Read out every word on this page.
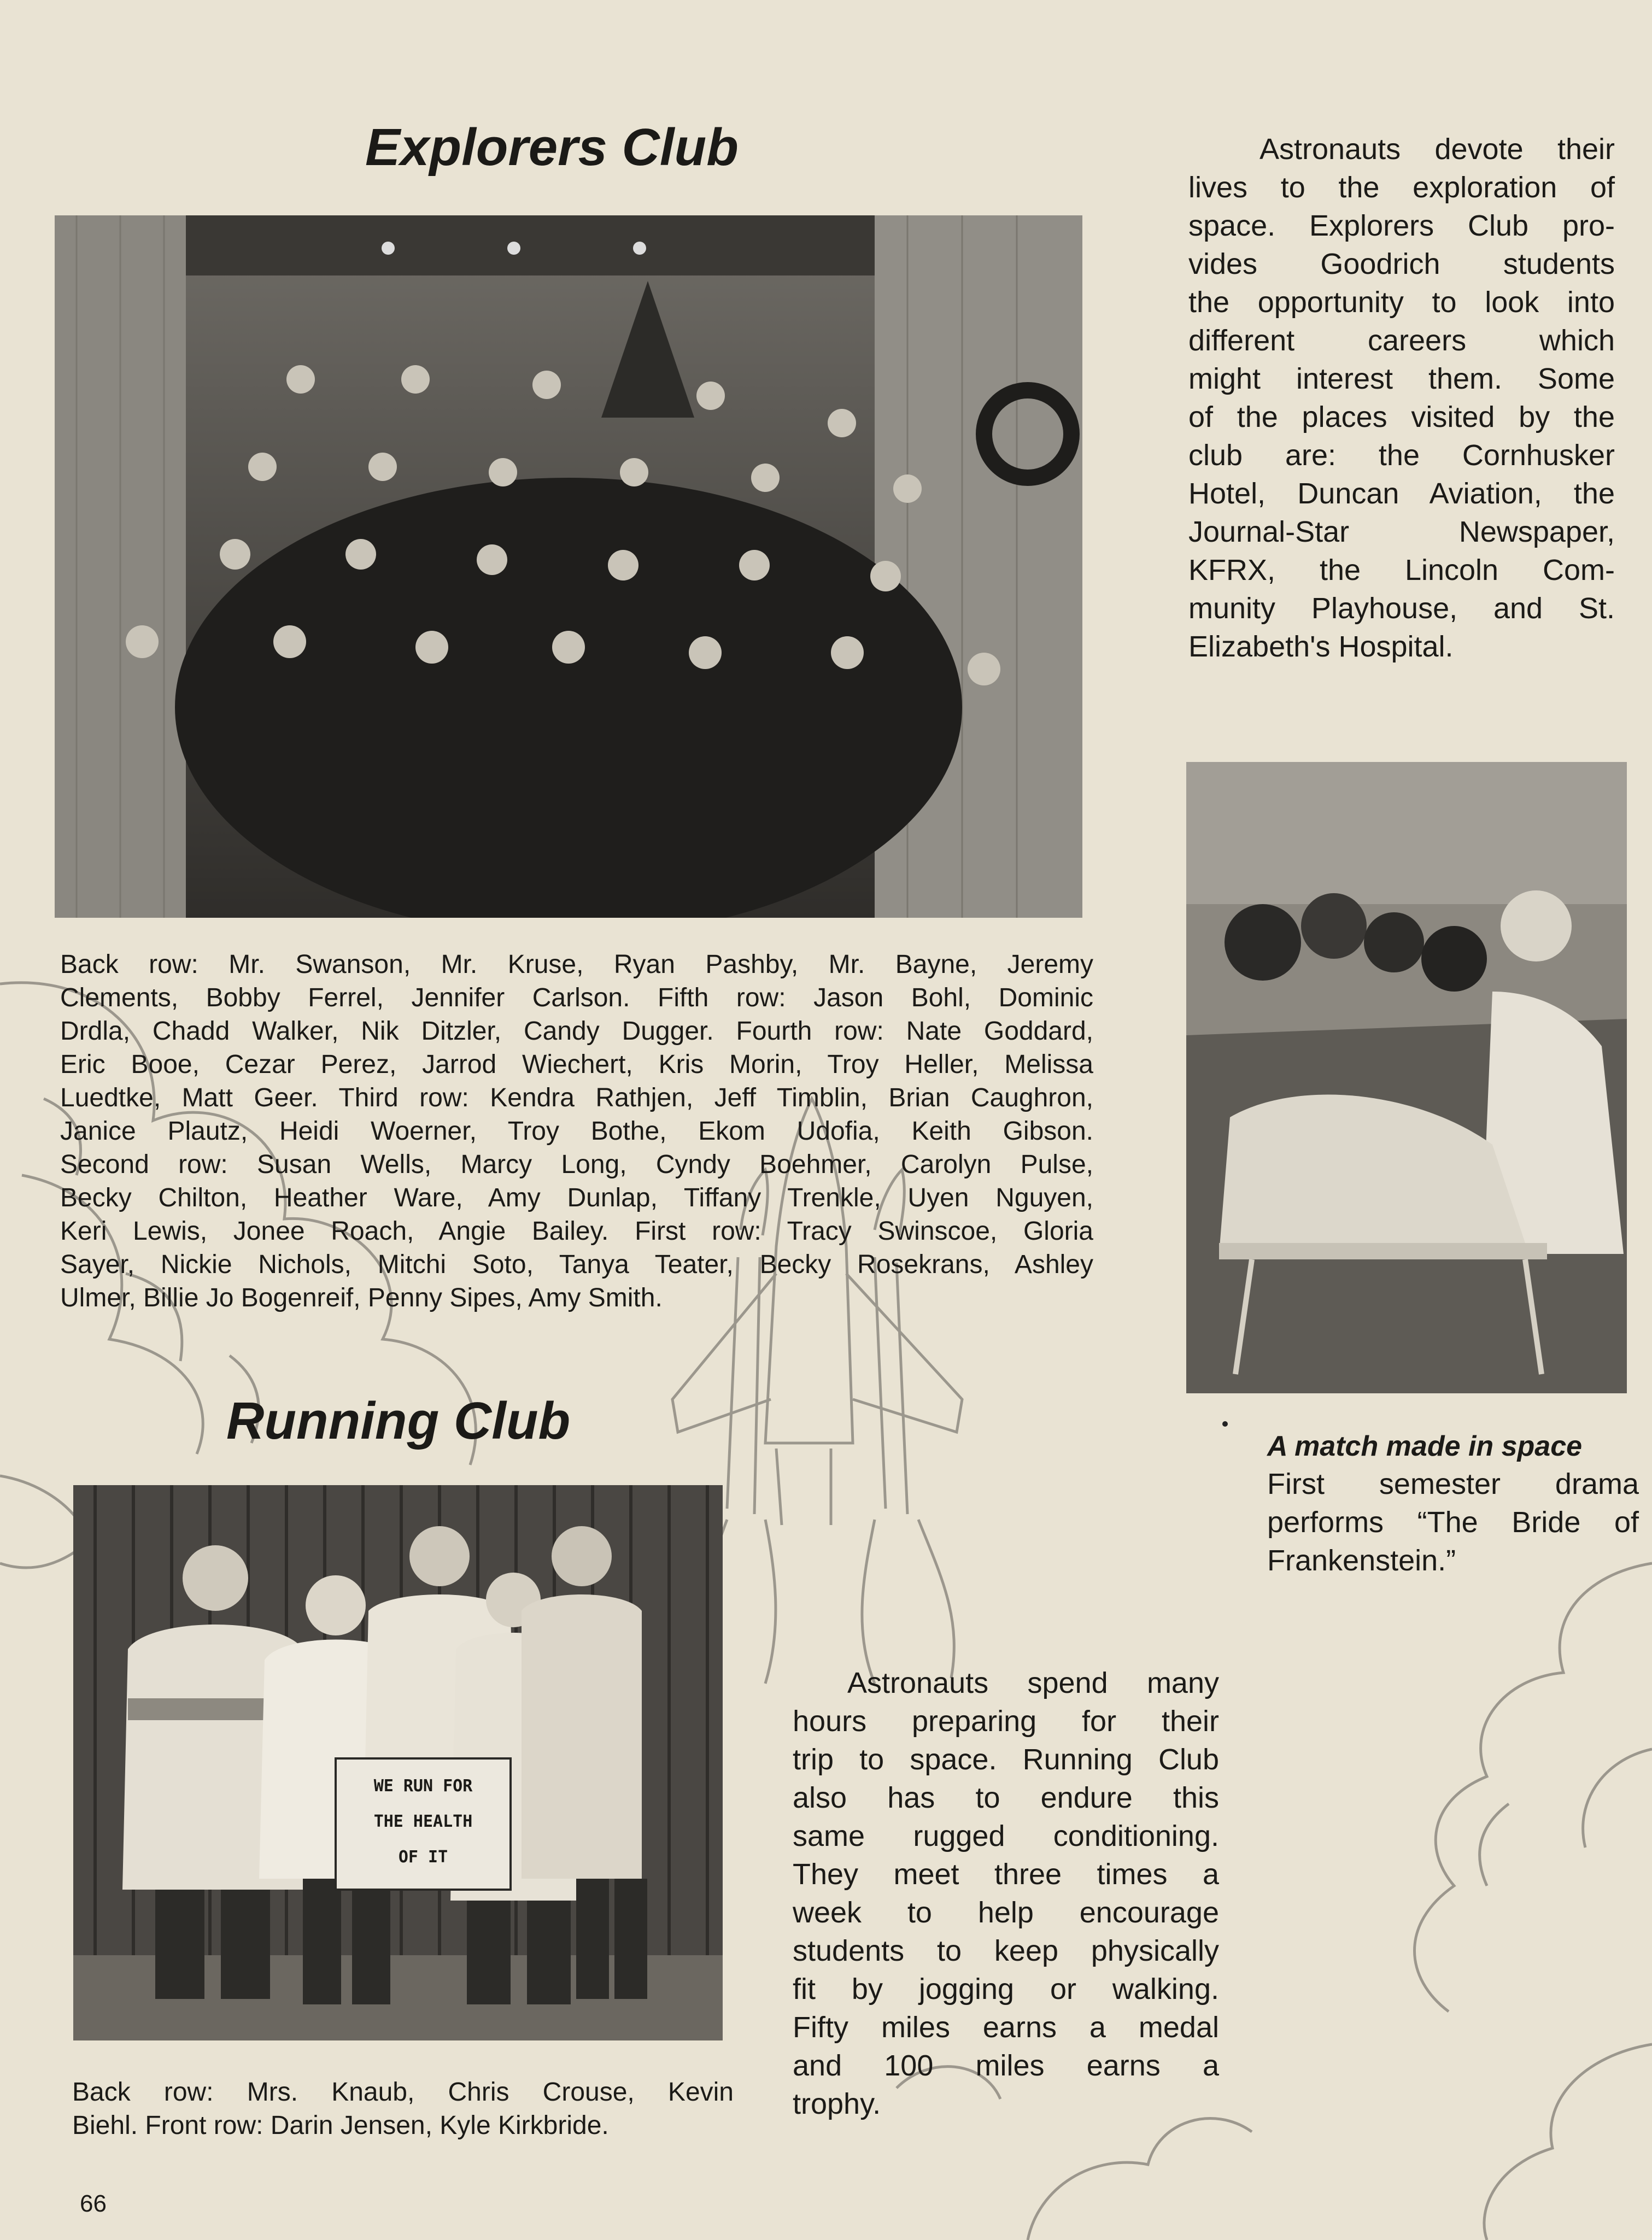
Explorers Club

Back row: Mr. Swanson, Mr. Kruse, Ryan Pashby, Mr. Bayne, Jeremy

Clements, Bobby Ferrel, Jennifer Carlson. Fifth row: Jason Bohl, Dominic

Drdla, Chadd Walker, Nik Ditzler, Candy Dugger. Fourth row: Nate Goddard,

Eric Booe, Cezar Perez, Jarrod Wiechert, Kris Morin, Troy Heller, Melissa

Luedtke, Matt Geer. Third row: Kendra Rathjen, Jeff Timblin, Brian Caughron,

Janice Plautz, Heidi Woerner, Troy Bothe, Ekom Udofia, Keith Gibson.

Second row: Susan Wells, Marcy Long, Cyndy Boehmer, Carolyn Pulse,

Becky Chilton, Heather Ware, Amy Dunlap, Tiffany Trenkle, Uyen Nguyen,

Keri Lewis, Jonee Roach, Angie Bailey. First row: Tracy Swinscoe, Gloria

Sayer, Nickie Nichols, Mitchi Soto, Tanya Teater, Becky Rosekrans, Ashley

Ulmer, Billie Jo Bogenreif, Penny Sipes, Amy Smith.

Astronauts devote their

lives to the exploration of

space. Explorers Club pro-

vides Goodrich students

the opportunity to look into

different careers which

might interest them. Some

of the places visited by the

club are: the Cornhusker

Hotel, Duncan Aviation, the

Journal-Star Newspaper,

KFRX, the Lincoln Com-

munity Playhouse, and St.

Elizabeth's Hospital.

A match made in space

First semester drama

performs “The Bride of

Frankenstein.”

Running Club
WE RUN FOR
THE HEALTH
OF IT

Back row: Mrs. Knaub, Chris Crouse, Kevin

Biehl. Front row: Darin Jensen, Kyle Kirkbride.

Astronauts spend many

hours preparing for their

trip to space. Running Club

also has to endure this

same rugged conditioning.

They meet three times a

week to help encourage

students to keep physically

fit by jogging or walking.

Fifty miles earns a medal

and 100 miles earns a

trophy.

66
